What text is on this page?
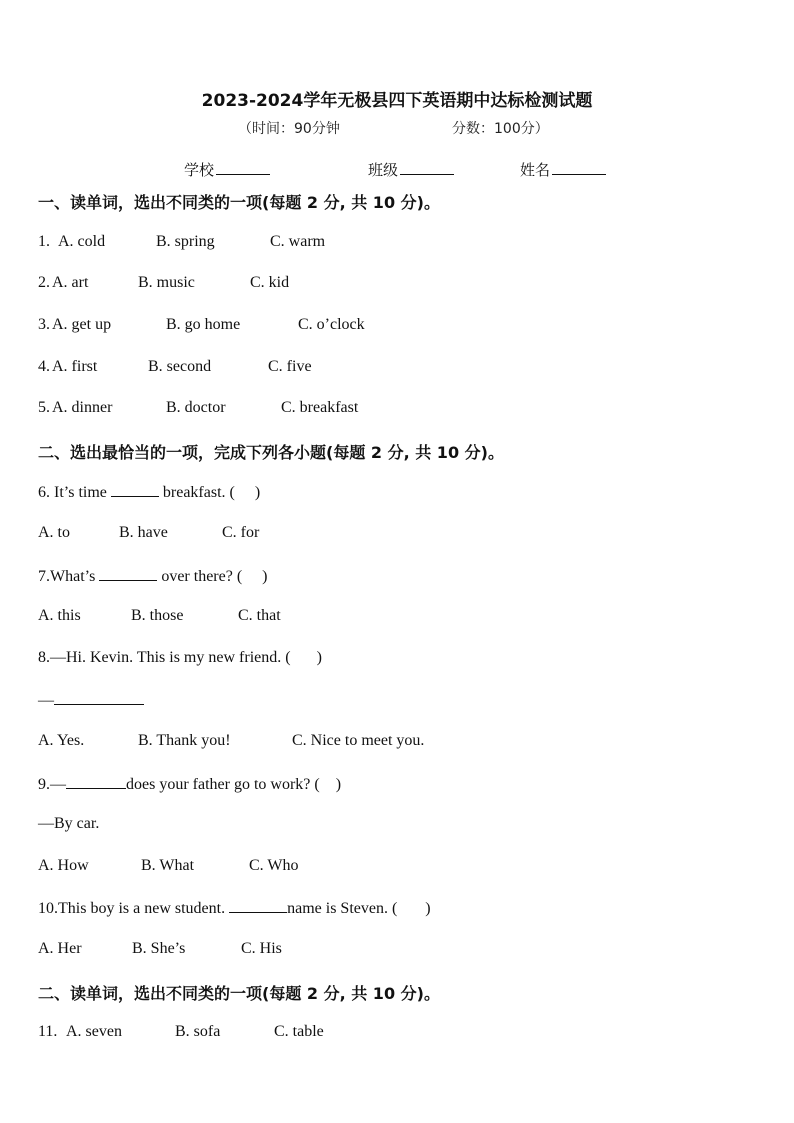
2023-2024学年无极县四下英语期中达标检测试题
（时间：90分钟	分数：100分）
学校	班级	姓名
一、读单词，选出不同类的一项(每题 2 分, 共 10 分)。
1. A. cold	B. spring	C. warm
2. A. art	B. music	C. kid
3. A. get up	B. go home	C. o’clock
4. A. first	B. second	C. five
5. A. dinner	B. doctor	C. breakfast
二、选出最恰当的一项，完成下列各小题(每题 2 分, 共 10 分)。
6. It’s time	breakfast. ( )
A. to	B. have	C. for
7.What’s	over there? ( )
A. this	B. those	C. that
8.—Hi. Kevin. This is my new friend. ( )
—
A. Yes.	B. Thank you!	C. Nice to meet you.
9.—	does your father go to work? ( )
—By car.
A. How	B. What	C. Who
10.This boy is a new student.	name is Steven. ( )
A. Her	B. She’s	C. His
二、读单词，选出不同类的一项(每题 2 分, 共 10 分)。
11. A. seven	B. sofa	C. table
